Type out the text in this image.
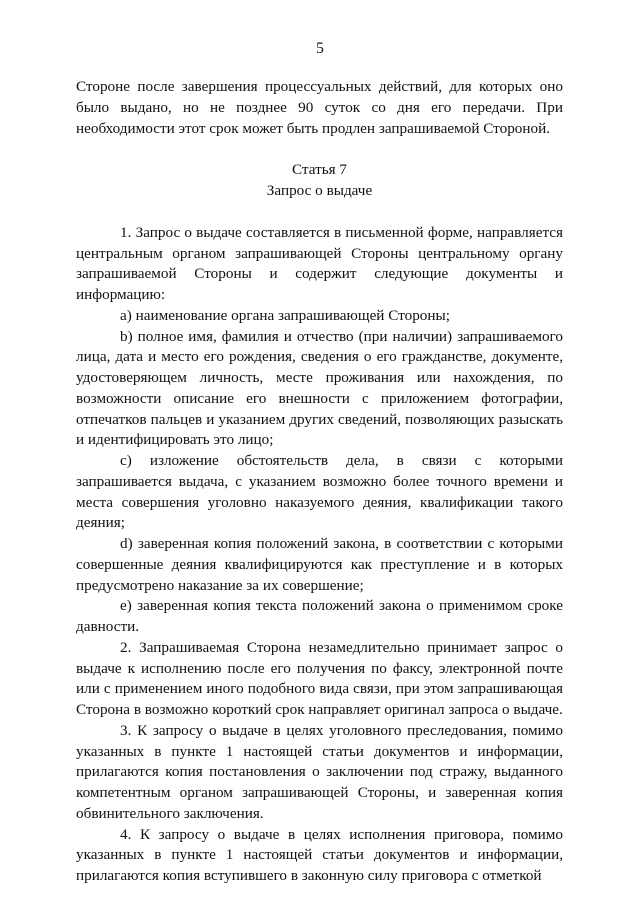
5

Стороне после завершения процессуальных действий, для которых оно было выдано, но не позднее 90 суток со дня его передачи. При необходимости этот срок может быть продлен запрашиваемой Стороной.

Статья 7
Запрос о выдаче

1. Запрос о выдаче составляется в письменной форме, направляется центральным органом запрашивающей Стороны центральному органу запрашиваемой Стороны и содержит следующие документы и информацию:

а) наименование органа запрашивающей Стороны;

b) полное имя, фамилия и отчество (при наличии) запрашиваемого лица, дата и место его рождения, сведения о его гражданстве, документе, удостоверяющем личность, месте проживания или нахождения, по возможности описание его внешности с приложением фотографии, отпечатков пальцев и указанием других сведений, позволяющих разыскать и идентифицировать это лицо;

с) изложение обстоятельств дела, в связи с которыми запрашивается выдача, с указанием возможно более точного времени и места совершения уголовно наказуемого деяния, квалификации такого деяния;

d) заверенная копия положений закона, в соответствии с которыми совершенные деяния квалифицируются как преступление и в которых предусмотрено наказание за их совершение;

е) заверенная копия текста положений закона о применимом сроке давности.

2. Запрашиваемая Сторона незамедлительно принимает запрос о выдаче к исполнению после его получения по факсу, электронной почте или с применением иного подобного вида связи, при этом запрашивающая Сторона в возможно короткий срок направляет оригинал запроса о выдаче.

3. К запросу о выдаче в целях уголовного преследования, помимо указанных в пункте 1 настоящей статьи документов и информации, прилагаются копия постановления о заключении под стражу, выданного компетентным органом запрашивающей Стороны, и заверенная копия обвинительного заключения.

4. К запросу о выдаче в целях исполнения приговора, помимо указанных в пункте 1 настоящей статьи документов и информации, прилагаются копия вступившего в законную силу приговора с отметкой
